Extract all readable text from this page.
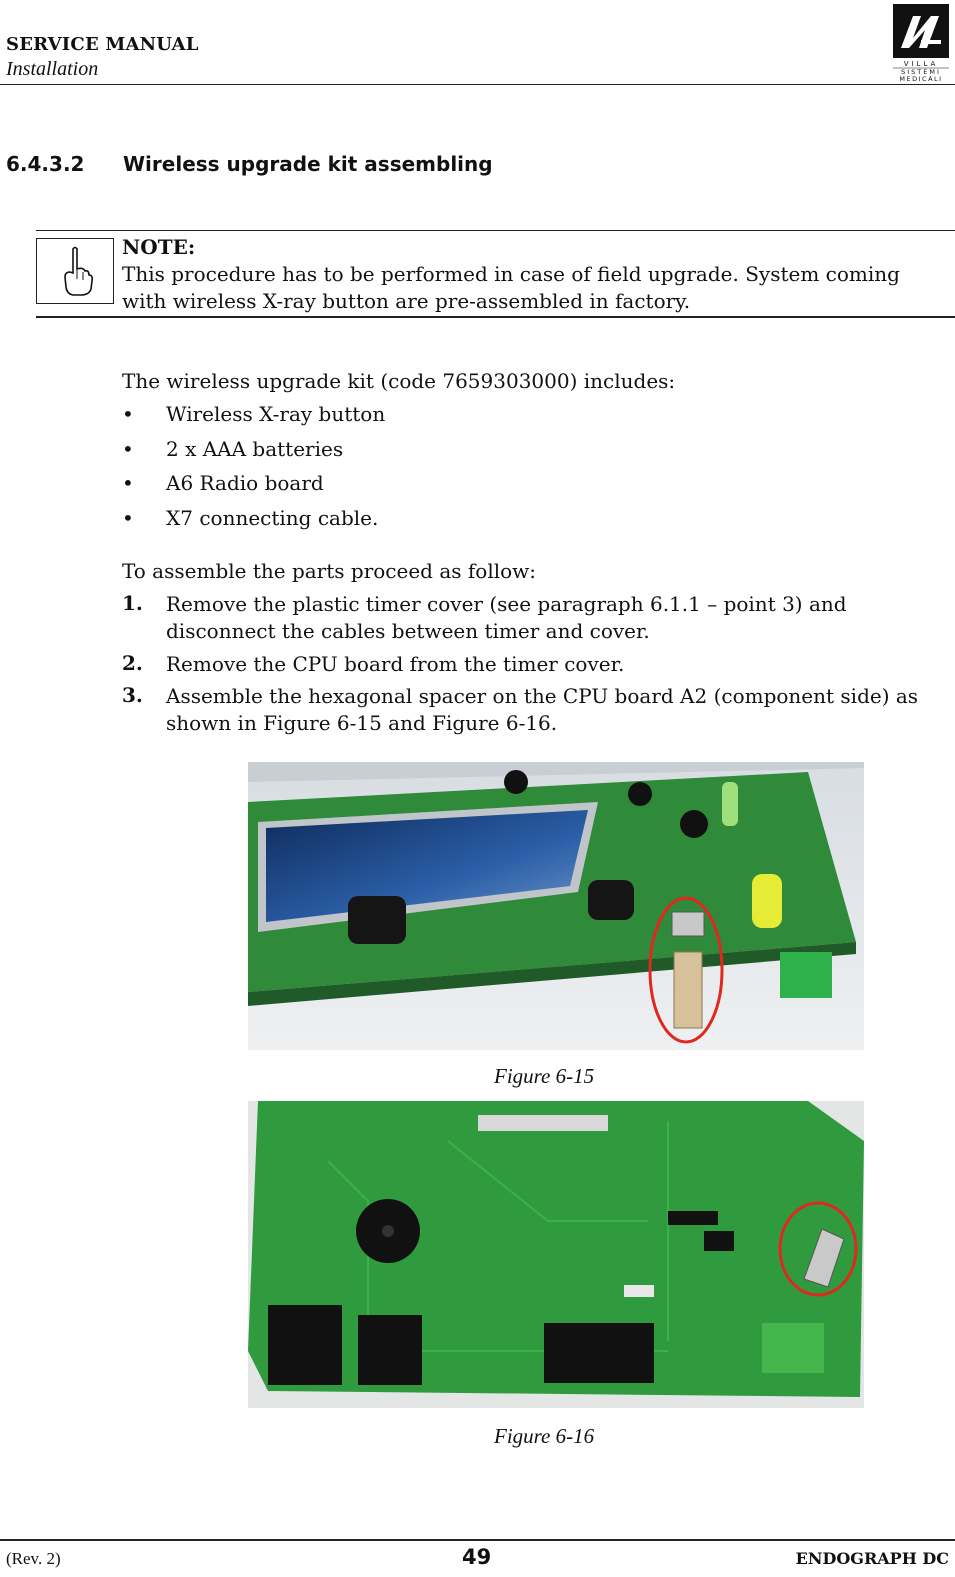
SERVICE MANUAL
Installation	VILLA
SISTEMI
MEDICALI
6.4.3.2 Wireless upgrade kit assembling
NOTE:
This procedure has to be performed in case of field upgrade. System coming with wireless X-ray button are pre-assembled in factory.
The wireless upgrade kit (code 7659303000) includes:
• Wireless X-ray button
• 2 x AAA batteries
• A6 Radio board
• X7 connecting cable.
To assemble the parts proceed as follow:
1. Remove the plastic timer cover (see paragraph 6.1.1 – point 3) and disconnect the cables between timer and cover.
2. Remove the CPU board from the timer cover.
3. Assemble the hexagonal spacer on the CPU board A2 (component side) as shown in Figure 6-15 and Figure 6-16.
Figure 6-15
Figure 6-16
(Rev. 2)	49	ENDOGRAPH DC
